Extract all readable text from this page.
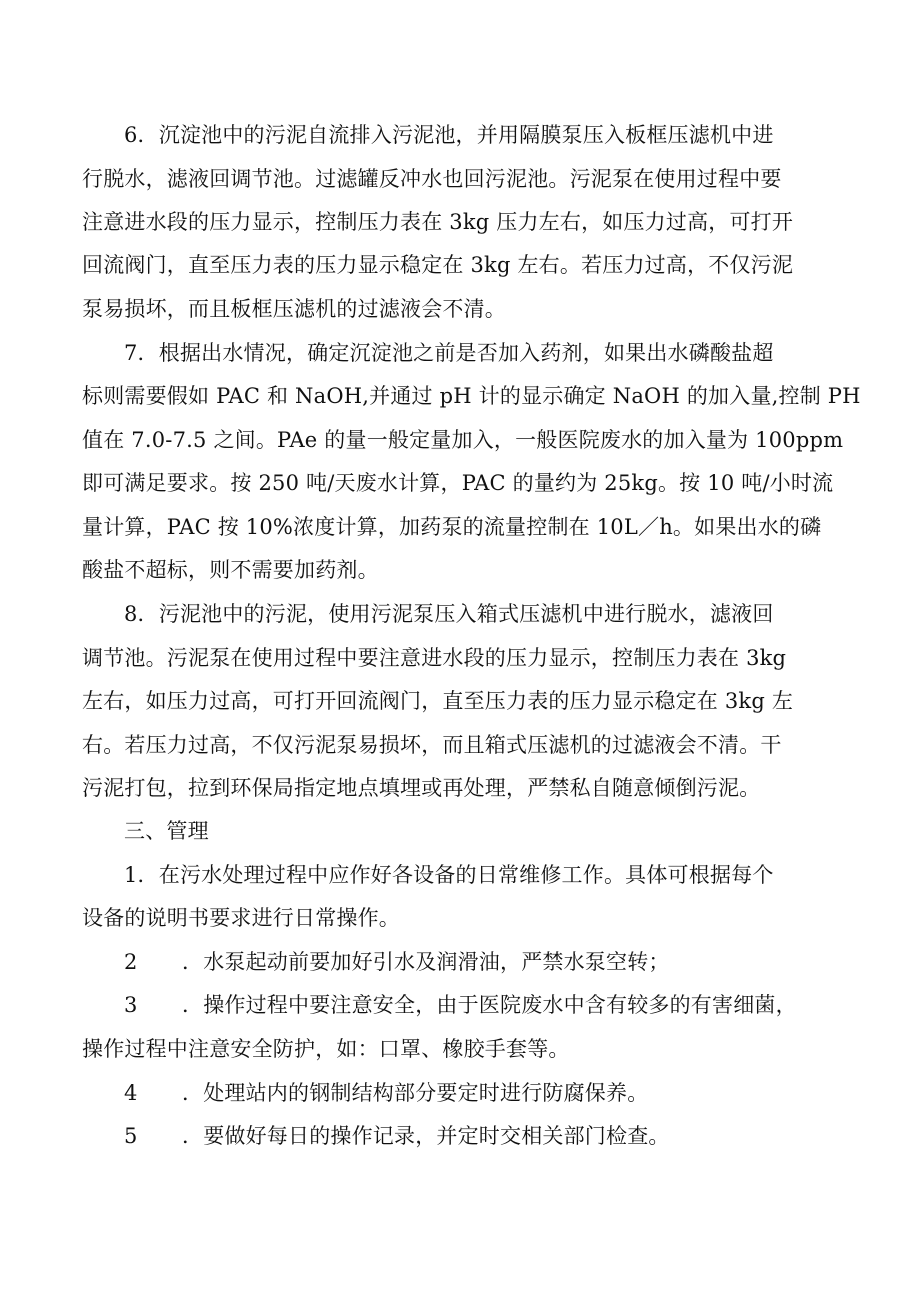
6．沉淀池中的污泥自流排入污泥池，并用隔膜泵压入板框压滤机中进
行脱水，滤液回调节池。过滤罐反冲水也回污泥池。污泥泵在使用过程中要
注意进水段的压力显示，控制压力表在 3kg 压力左右，如压力过高，可打开
回流阀门，直至压力表的压力显示稳定在 3kg 左右。若压力过高，不仅污泥
泵易损坏，而且板框压滤机的过滤液会不清。
7．根据出水情况，确定沉淀池之前是否加入药剂，如果出水磷酸盐超
标则需要假如 PAC 和 NaOH,并通过 pH 计的显示确定 NaOH 的加入量,控制 PH
值在 7.0-7.5 之间。PAe 的量一般定量加入，一般医院废水的加入量为 100ppm
即可满足要求。按 250 吨/天废水计算，PAC 的量约为 25kg。按 10 吨/小时流
量计算，PAC 按 10%浓度计算，加药泵的流量控制在 10L／h。如果出水的磷
酸盐不超标，则不需要加药剂。
8．污泥池中的污泥，使用污泥泵压入箱式压滤机中进行脱水，滤液回
调节池。污泥泵在使用过程中要注意进水段的压力显示，控制压力表在 3kg
左右，如压力过高，可打开回流阀门，直至压力表的压力显示稳定在 3kg 左
右。若压力过高，不仅污泥泵易损坏，而且箱式压滤机的过滤液会不清。干
污泥打包，拉到环保局指定地点填埋或再处理，严禁私自随意倾倒污泥。
三、管理
1．在污水处理过程中应作好各设备的日常维修工作。具体可根据每个
设备的说明书要求进行日常操作。
2 ．水泵起动前要加好引水及润滑油，严禁水泵空转；
3 ．操作过程中要注意安全，由于医院废水中含有较多的有害细菌，
操作过程中注意安全防护，如：口罩、橡胶手套等。
4 ．处理站内的钢制结构部分要定时进行防腐保养。
5 ．要做好每日的操作记录，并定时交相关部门检查。
